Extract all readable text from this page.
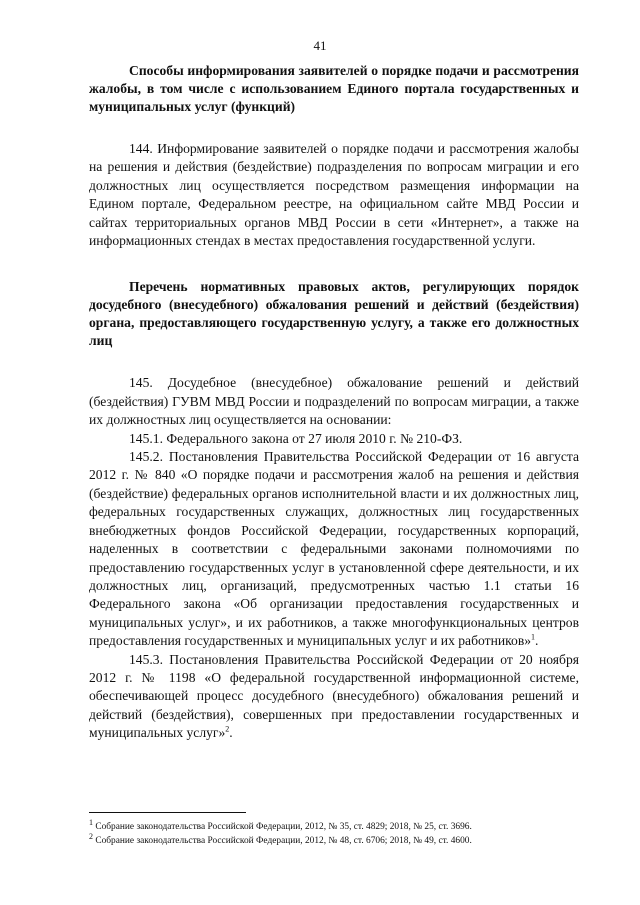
41
Способы информирования заявителей о порядке подачи и рассмотрения жалобы, в том числе с использованием Единого портала государственных и муниципальных услуг (функций)
144. Информирование заявителей о порядке подачи и рассмотрения жалобы на решения и действия (бездействие) подразделения по вопросам миграции и его должностных лиц осуществляется посредством размещения информации на Едином портале, Федеральном реестре, на официальном сайте МВД России и сайтах территориальных органов МВД России в сети «Интернет», а также на информационных стендах в местах предоставления государственной услуги.
Перечень нормативных правовых актов, регулирующих порядок досудебного (внесудебного) обжалования решений и действий (бездействия) органа, предоставляющего государственную услугу, а также его должностных лиц
145. Досудебное (внесудебное) обжалование решений и действий (бездействия) ГУВМ МВД России и подразделений по вопросам миграции, а также их должностных лиц осуществляется на основании:
145.1. Федерального закона от 27 июля 2010 г. № 210-ФЗ.
145.2. Постановления Правительства Российской Федерации от 16 августа 2012 г. № 840 «О порядке подачи и рассмотрения жалоб на решения и действия (бездействие) федеральных органов исполнительной власти и их должностных лиц, федеральных государственных служащих, должностных лиц государственных внебюджетных фондов Российской Федерации, государственных корпораций, наделенных в соответствии с федеральными законами полномочиями по предоставлению государственных услуг в установленной сфере деятельности, и их должностных лиц, организаций, предусмотренных частью 1.1 статьи 16 Федерального закона «Об организации предоставления государственных и муниципальных услуг», и их работников, а также многофункциональных центров предоставления государственных и муниципальных услуг и их работников»$^1$.
145.3. Постановления Правительства Российской Федерации от 20 ноября 2012 г. № 1198 «О федеральной государственной информационной системе, обеспечивающей процесс досудебного (внесудебного) обжалования решений и действий (бездействия), совершенных при предоставлении государственных и муниципальных услуг»$^2$.
$^1$ Собрание законодательства Российской Федерации, 2012, № 35, ст. 4829; 2018, № 25, ст. 3696.
$^2$ Собрание законодательства Российской Федерации, 2012, № 48, ст. 6706; 2018, № 49, ст. 4600.
